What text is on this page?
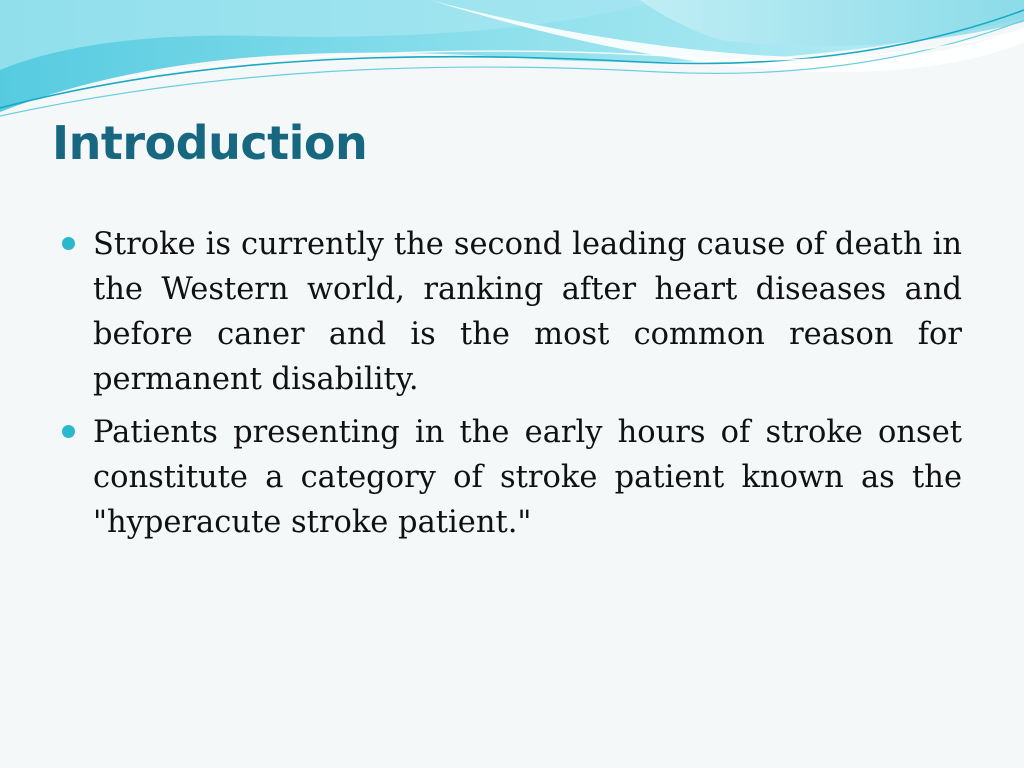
Introduction
Stroke is currently the second leading cause of death in the Western world, ranking after heart diseases and before caner and is the most common reason for permanent disability.
Patients presenting in the early hours of stroke onset constitute a category of stroke patient known as the "hyperacute stroke patient."
